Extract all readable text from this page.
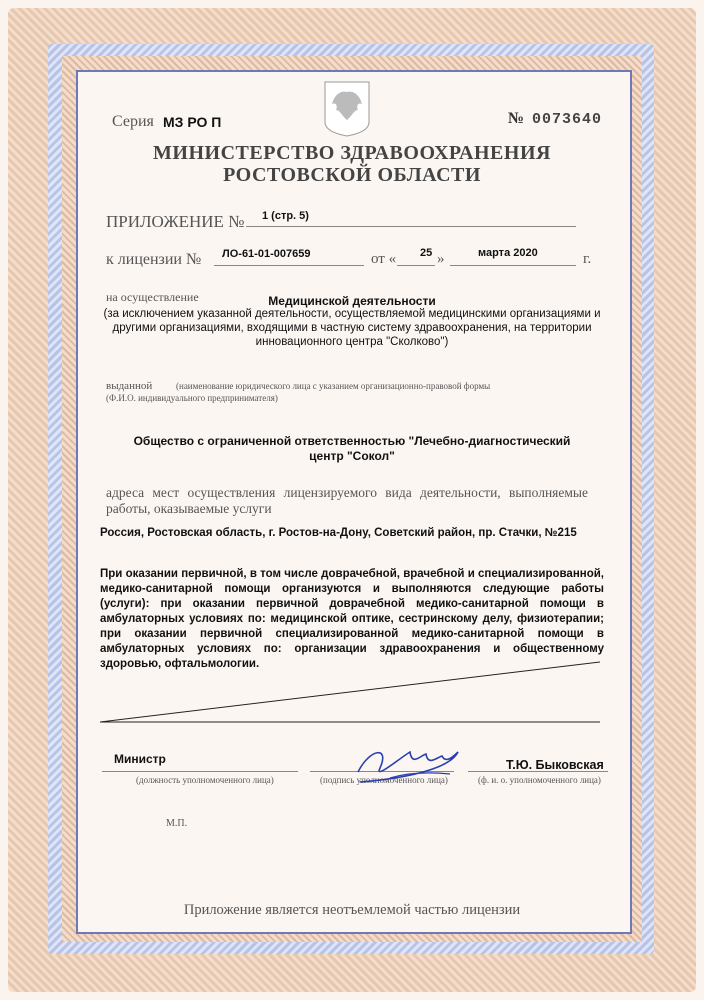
Серия МЗ РО П	№ 0073640
МИНИСТЕРСТВО ЗДРАВООХРАНЕНИЯ
РОСТОВСКОЙ ОБЛАСТИ
ПРИЛОЖЕНИЕ № 1 (стр. 5)
к лицензии № ЛО-61-01-007659	от « 25 »	марта 2020	г.
на осуществление	Медицинской деятельности
(за исключением указанной деятельности, осуществляемой медицинскими организациями и другими организациями, входящими в частную систему здравоохранения, на территории инновационного центра "Сколково")
выданной	(наименование юридического лица с указанием организационно-правовой формы
(Ф.И.О. индивидуального предпринимателя)
Общество с ограниченной ответственностью "Лечебно-диагностический центр "Сокол"
адреса мест осуществления лицензируемого вида деятельности, выполняемые работы, оказываемые услуги
Россия, Ростовская область, г. Ростов-на-Дону, Советский район, пр. Стачки, №215
При оказании первичной, в том числе доврачебной, врачебной и специализированной, медико-санитарной помощи организуются и выполняются следующие работы (услуги): при оказании первичной доврачебной медико-санитарной помощи в амбулаторных условиях по: медицинской оптике, сестринскому делу, физиотерапии; при оказании первичной специализированной медико-санитарной помощи в амбулаторных условиях по: организации здравоохранения и общественному здоровью, офтальмологии.
Министр
(должность уполномоченного лица)	(подпись уполномоченного лица)
Т.Ю. Быковская
(ф. и. о. уполномоченного лица)
М.П.
Приложение является неотъемлемой частью лицензии
